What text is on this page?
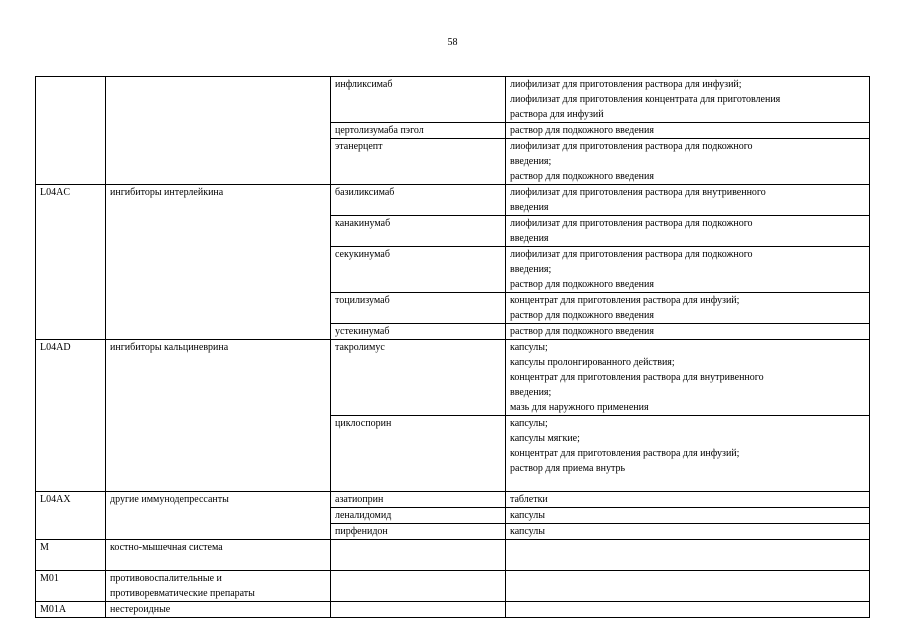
58
		инфликсимаб	лиофилизат для приготовления раствора для инфузий;
лиофилизат для приготовления концентрата для приготовления
раствора для инфузий

		цертолизумаба пэгол	раствор для подкожного введения

		этанерцепт	лиофилизат для приготовления раствора для подкожного
введения;
раствор для подкожного введения

L04AC	ингибиторы интерлейкина	базиликсимаб	лиофилизат для приготовления раствора для внутривенного
введения

		канакинумаб	лиофилизат для приготовления раствора для подкожного
введения

		секукинумаб	лиофилизат для приготовления раствора для подкожного
введения;
раствор для подкожного введения

		тоцилизумаб	концентрат для приготовления раствора для инфузий;
раствор для подкожного введения

		устекинумаб	раствор для подкожного введения

L04AD	ингибиторы кальциневрина	такролимус	капсулы;
капсулы пролонгированного действия;
концентрат для приготовления раствора для внутривенного
введения;
мазь для наружного применения

		циклоспорин	капсулы;
капсулы мягкие;
концентрат для приготовления раствора для инфузий;
раствор для приема внутрь

L04AX	другие иммунодепрессанты	азатиоприн	таблетки

		леналидомид	капсулы

		пирфенидон	капсулы

M	костно-мышечная система		

M01	противовоспалительные и
противоревматические препараты		

M01A	нестероидные		
